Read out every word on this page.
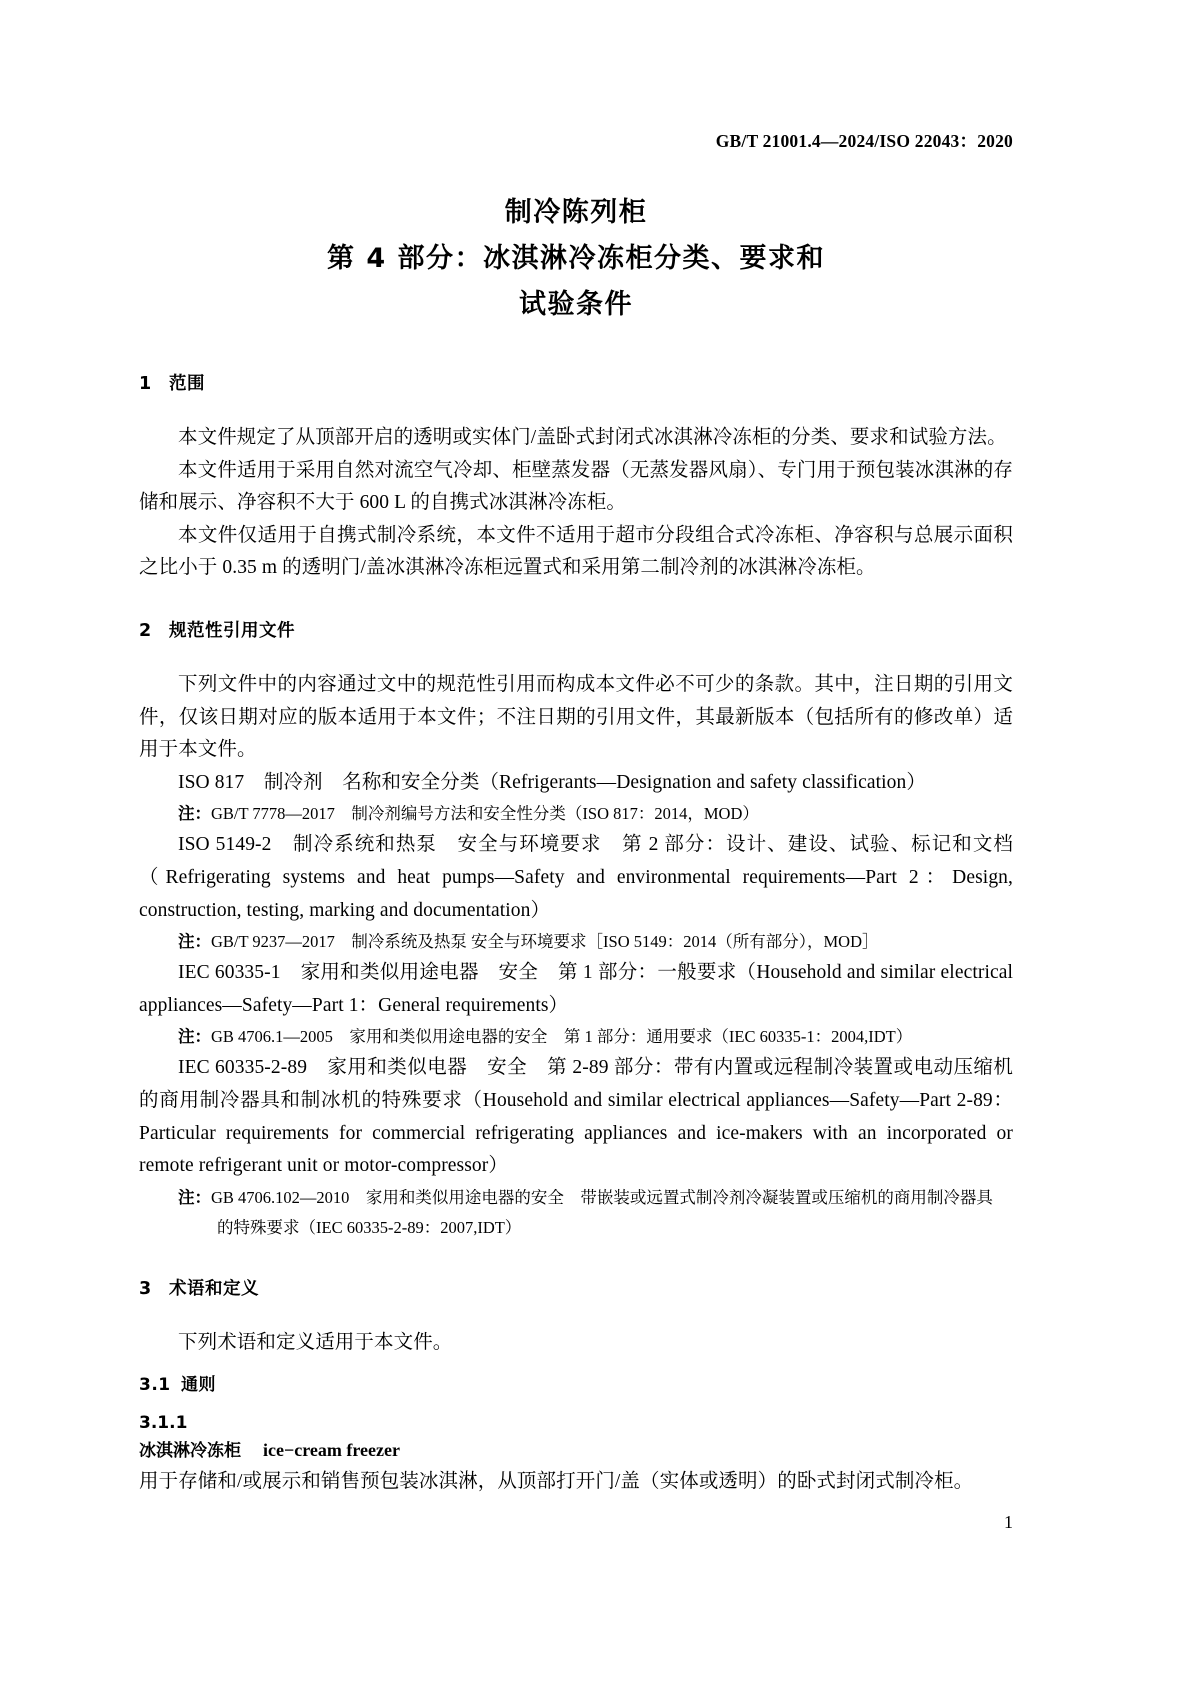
GB/T 21001.4—2024/ISO 22043：2020
制冷陈列柜
第 4 部分：冰淇淋冷冻柜分类、要求和
试验条件
1 范围

本文件规定了从顶部开启的透明或实体门/盖卧式封闭式冰淇淋冷冻柜的分类、要求和试验方法。

本文件适用于采用自然对流空气冷却、柜壁蒸发器（无蒸发器风扇）、专门用于预包装冰淇淋的存储和展示、净容积不大于 600 L 的自携式冰淇淋冷冻柜。

本文件仅适用于自携式制冷系统，本文件不适用于超市分段组合式冷冻柜、净容积与总展示面积之比小于 0.35 m 的透明门/盖冰淇淋冷冻柜远置式和采用第二制冷剂的冰淇淋冷冻柜。

2 规范性引用文件

下列文件中的内容通过文中的规范性引用而构成本文件必不可少的条款。其中，注日期的引用文件，仅该日期对应的版本适用于本文件；不注日期的引用文件，其最新版本（包括所有的修改单）适用于本文件。

ISO 817　制冷剂　名称和安全分类（Refrigerants—Designation and safety classification）

注：GB/T 7778—2017　制冷剂编号方法和安全性分类（ISO 817：2014，MOD）

ISO 5149-2　制冷系统和热泵　安全与环境要求　第 2 部分：设计、建设、试验、标记和文档（Refrigerating systems and heat pumps—Safety and environmental requirements—Part 2：Design, construction, testing, marking and documentation）

注：GB/T 9237—2017　制冷系统及热泵 安全与环境要求［ISO 5149：2014（所有部分），MOD］

IEC 60335-1　家用和类似用途电器　安全　第 1 部分：一般要求（Household and similar electrical appliances—Safety—Part 1：General requirements）

注：GB 4706.1—2005　家用和类似用途电器的安全　第 1 部分：通用要求（IEC 60335-1：2004,IDT）

IEC 60335-2-89　家用和类似电器　安全　第 2-89 部分：带有内置或远程制冷装置或电动压缩机的商用制冷器具和制冰机的特殊要求（Household and similar electrical appliances—Safety—Part 2-89： Particular requirements for commercial refrigerating appliances and ice-makers with an incorporated or remote refrigerant unit or motor-compressor）

注：GB 4706.102—2010　家用和类似用途电器的安全　带嵌装或远置式制冷剂冷凝装置或压缩机的商用制冷器具

的特殊要求（IEC 60335-2-89：2007,IDT）

3 术语和定义

下列术语和定义适用于本文件。

3.1 通则
3.1.1

冰淇淋冷冻柜 ice−cream freezer

用于存储和/或展示和销售预包装冰淇淋，从顶部打开门/盖（实体或透明）的卧式封闭式制冷柜。

1
